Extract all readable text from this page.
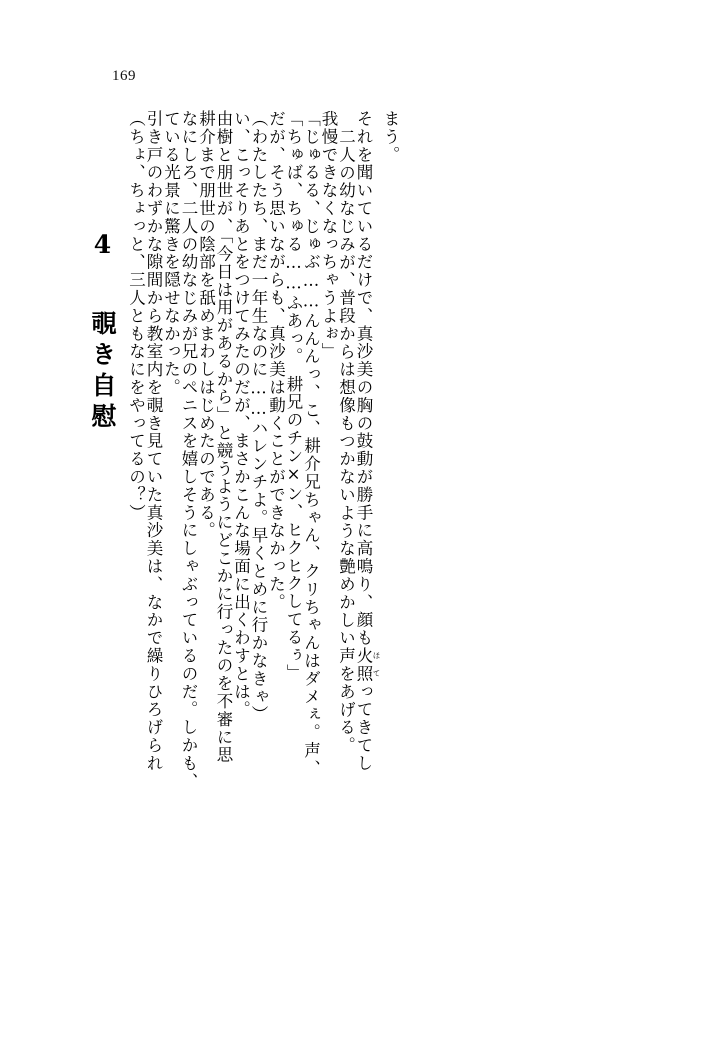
169
4 覗き自慰 （ちょ、ちょっと、三人ともなにをやってるの？）
引き戸のわずかな隙間から教室内を覗き見ていた真沙美は、なかで繰りひろげられ
ている光景に驚きを隠せなかった。
なにしろ、二人の幼なじみが兄のペニスを嬉しそうにしゃぶっているのだ。しかも、
耕介まで朋世の陰部を舐めまわしはじめたのである。
由樹と朋世が、「今日は用があるから」と競うようにどこかに行ったのを不審に思
い、こっそりあとをつけてみたのだが、まさかこんな場面に出くわすとは。
（わたしたち、まだ一年生なのに……ハレンチよ。早くとめに行かなきゃ）
だが、そう思いながらも、真沙美は動くことができなかった。
「ちゅば、ちゅる……ふあっ。　耕兄のチン×ン、ヒクヒクしてるぅ」
「じゅるる、じゅぶ……んんんっ、こ、耕介兄ちゃん、クリちゃんはダメぇ。声、
我慢できなくなっちゃうよぉ」
二人の幼なじみが、普段からは想像もつかないような艶めかしい声をあげる。
それを聞いているだけで、真沙美の胸の鼓動が勝手に高鳴り、顔も火照 ほてってきてし
まう。
